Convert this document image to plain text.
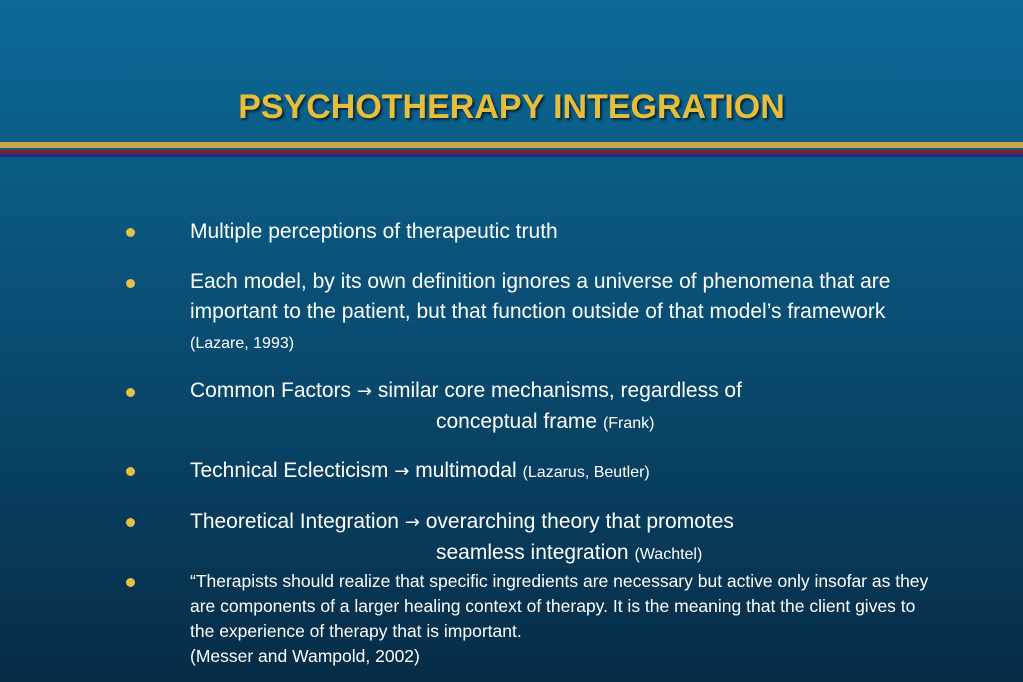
PSYCHOTHERAPY INTEGRATION
Multiple perceptions of therapeutic truth
Each model, by its own definition ignores a universe of phenomena that are important to the patient, but that function outside of that model’s framework (Lazare, 1993)
Common Factors → similar core mechanisms, regardless of
conceptual frame (Frank)
Technical Eclecticism → multimodal (Lazarus, Beutler)
Theoretical Integration → overarching theory that promotes
seamless integration (Wachtel)
“Therapists should realize that specific ingredients are necessary but active only insofar as they are components of a larger healing context of therapy. It is the meaning that the client gives to the experience of therapy that is important.
(Messer and Wampold, 2002)
